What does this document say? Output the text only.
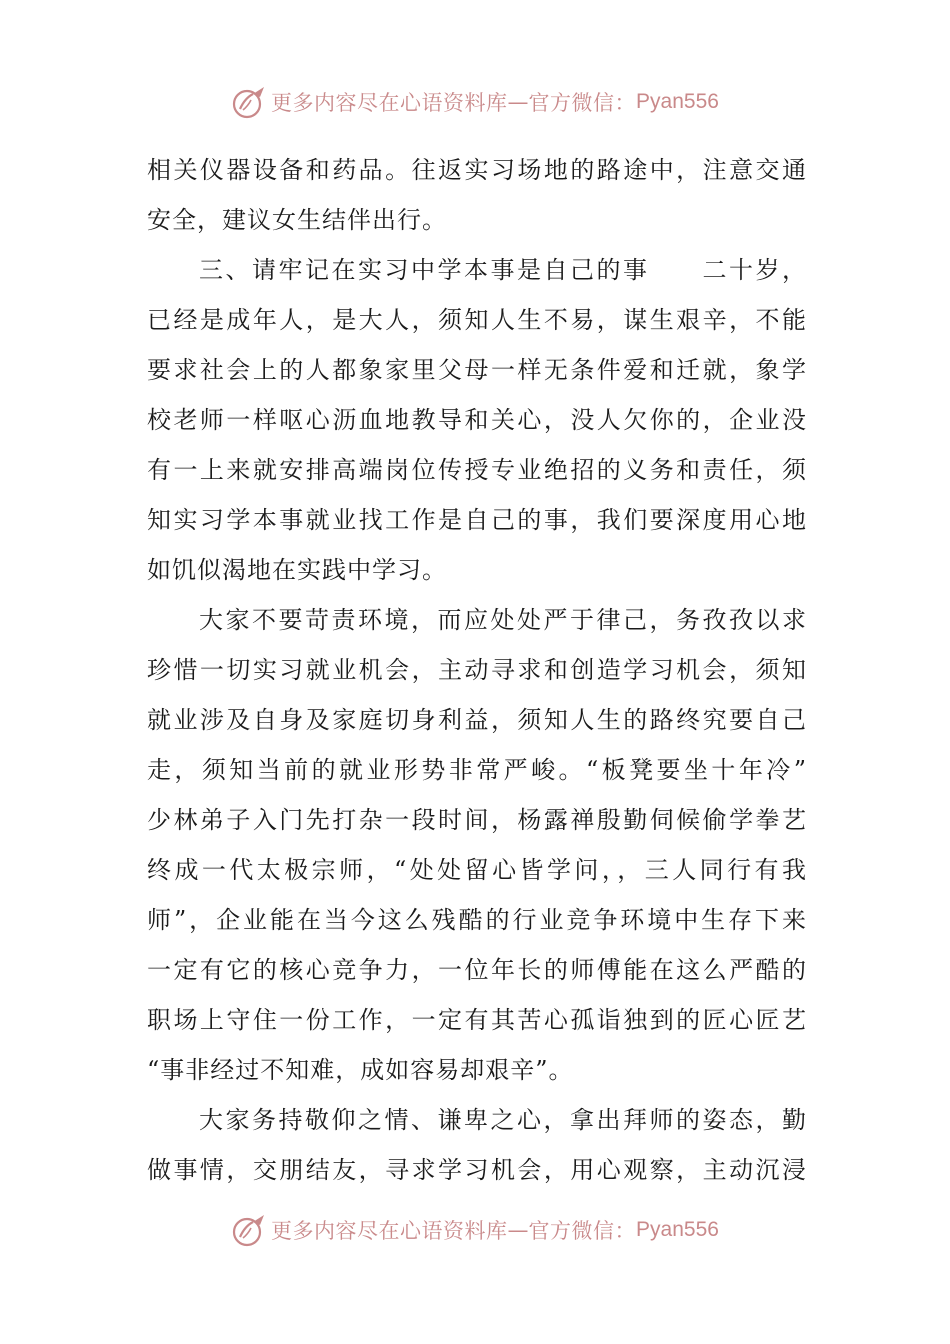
更多内容尽在心语资料库 — 官方微信： Pyan556
相关仪器设备和药品。往返实习场地的路途中，注意交通
安全，建议女生结伴出行。
三、请牢记在实习中学本事是自己的事　　二十岁，
已经是成年人，是大人，须知人生不易，谋生艰辛，不能
要求社会上的人都象家里父母一样无条件爱和迁就，象学
校老师一样呕心沥血地教导和关心，没人欠你的，企业没
有一上来就安排高端岗位传授专业绝招的义务和责任，须
知实习学本事就业找工作是自己的事，我们要深度用心地
如饥似渴地在实践中学习。
大家不要苛责环境，而应处处严于律己，务孜孜以求
珍惜一切实习就业机会，主动寻求和创造学习机会，须知
就业涉及自身及家庭切身利益，须知人生的路终究要自己
走，须知当前的就业形势非常严峻。“板凳要坐十年冷”
少林弟子入门先打杂一段时间，杨露禅殷勤伺候偷学拳艺
终成一代太极宗师，“处处留心皆学问，，三人同行有我
师”，企业能在当今这么残酷的行业竞争环境中生存下来
一定有它的核心竞争力，一位年长的师傅能在这么严酷的
职场上守住一份工作，一定有其苦心孤诣独到的匠心匠艺
“事非经过不知难，成如容易却艰辛”。
大家务持敬仰之情、谦卑之心，拿出拜师的姿态，勤
做事情，交朋结友，寻求学习机会，用心观察，主动沉浸
更多内容尽在心语资料库 — 官方微信： Pyan556
